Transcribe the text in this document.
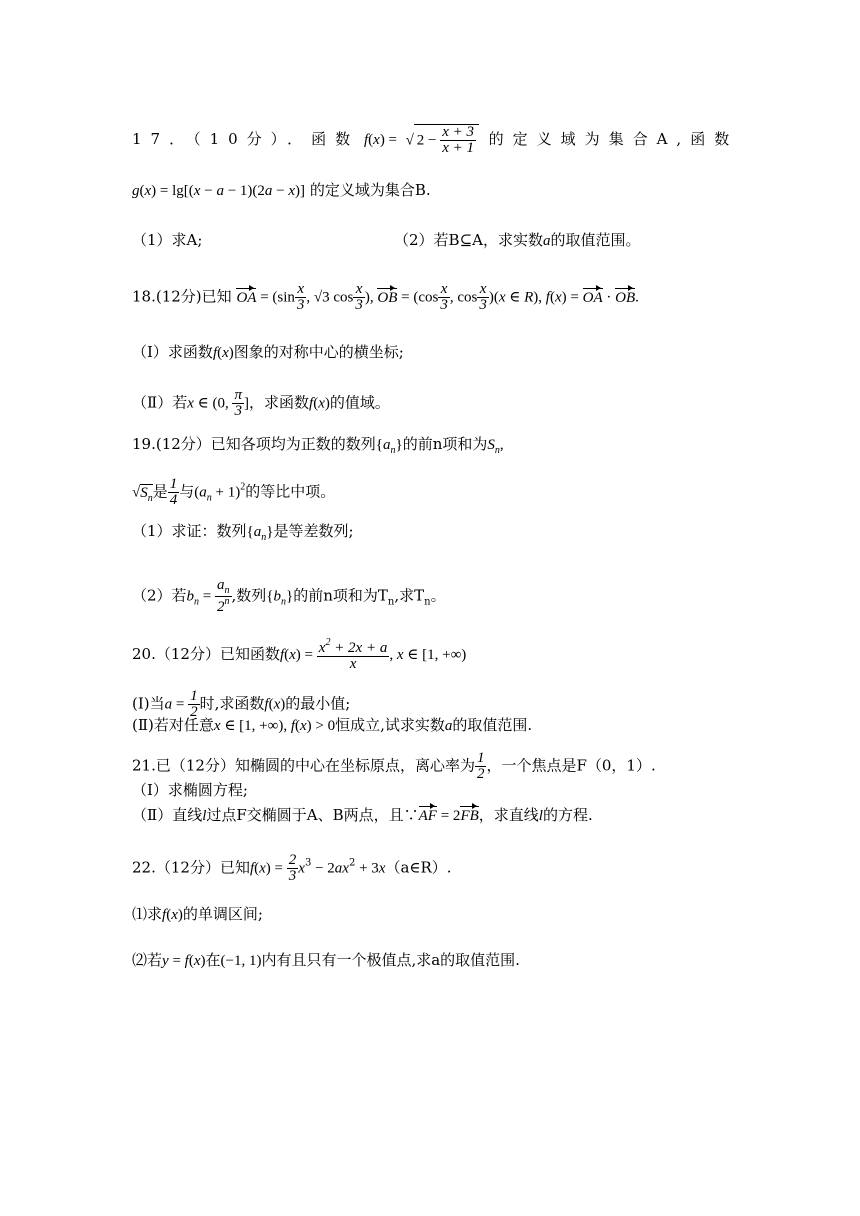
17．（10分）．函数 f(x) =  √ $2 - \frac{x + 3}{x + 1}$ 的定义域为集合A,函数
g(x) = lg[(x − a − 1)(2a − x)] 的定义域为集合B.
（1）求A;	（2）若B⊆A，求实数a的取值范围。
18.(12分)已知 OA = ($\sin \frac{x}{3}$ , √3 $\cos \frac{x}{3}$ ), OB = ($\cos \frac{x}{3}$ , $\cos \frac{x}{3} )(x$ ∈ R), f(x) = OA · OB.
（Ⅰ）求函数f(x)图象的对称中心的横坐标;
（Ⅱ）若x ∈ (0, $\frac{\pi}{3}$ ]，求函数f(x)的值域。
19.(12分）已知各项均为正数的数列$\{a_n\}$的前n项和为$S_n$,
$√S_n$是 $\frac{1}{4}$ 与$(a_n + 1)^2$的等比中项。
（1）求证：数列$\{a_n\}$是等差数列;
（2）若$b_n = \frac{a_n}{2^n}$ ,数列$\{b_n\}$的前n项和为$T_n$,求$T_n$。
20.（12分）已知函数$f(x) = \frac{x^2 + 2x + a}{x}$ , x ∈ [1, +∞)
(Ⅰ)当$a = \frac{1}{2}$ 时,求函数f(x)的最小值;
(Ⅱ)若对任意x ∈ [1, +∞), f(x) > 0恒成立,试求实数a的取值范围.
21.已（12分）知椭圆的中心在坐标原点，离心率为 $\frac{1}{2}$ ，一个焦点是F（0，1）.
（Ⅰ）求椭圆方程;
（Ⅱ）直线l过点F交椭圆于A、B两点，且∵AF = 2FB，求直线l的方程.
22.（12分）已知$f(x) = \frac{2}{3} x^3 - 2ax^2$ + 3x（a∈R）.
⑴求f(x)的单调区间;
⑵若y = f(x)在(−1, 1)内有且只有一个极值点,求a的取值范围.
